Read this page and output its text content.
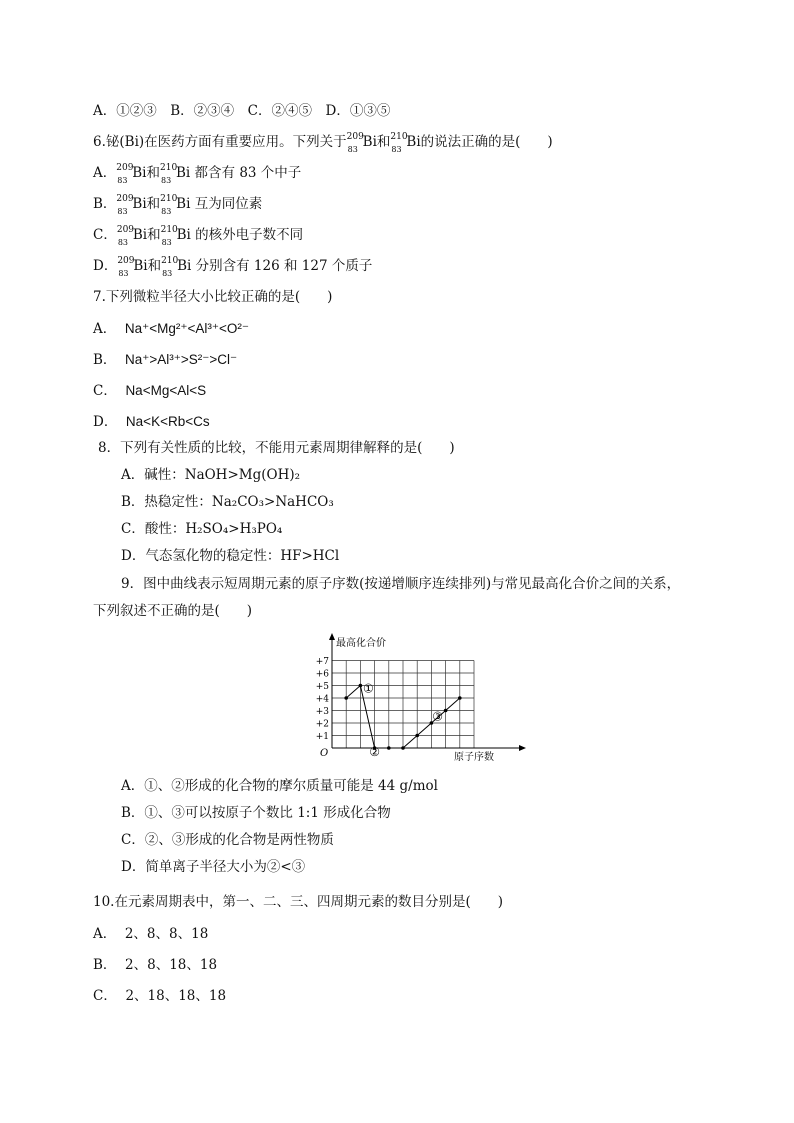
A．①②③　B．②③④　C．②④⑤　D．①③⑤
6.铋(Bi)在医药方面有重要应用。下列关于 209
83 Bi和 210
83 Bi的说法正确的是(　　)
A． 209
83 Bi和 210
83 Bi 都含有 83 个中子
B． 209
83 Bi和 210
83 Bi 互为同位素
C． 209
83 Bi和 210
83 Bi 的核外电子数不同
D． 209
83 Bi和 210
83 Bi 分别含有 126 和 127 个质子
7.下列微粒半径大小比较正确的是(　　)
A． Na⁺<Mg²⁺<Al³⁺<O²⁻
B． Na⁺>Al³⁺>S²⁻>Cl⁻
C． Na<Mg<Al<S
D． Na<K<Rb<Cs
8．下列有关性质的比较，不能用元素周期律解释的是(　　)
A．碱性：NaOH>Mg(OH)₂
B．热稳定性：Na₂CO₃>NaHCO₃
C．酸性：H₂SO₄>H₃PO₄
D．气态氢化物的稳定性：HF>HCl
9．图中曲线表示短周期元素的原子序数(按递增顺序连续排列)与常见最高化合价之间的关系，
下列叙述不正确的是(　　)
+7
+6
+5
+4
+3
+2
+1
①
②
③
最高化合价
原子序数
O
A．①、②形成的化合物的摩尔质量可能是 44 g/mol
B．①、③可以按原子个数比 1:1 形成化合物
C．②、③形成的化合物是两性物质
D．简单离子半径大小为②<③
10.在元素周期表中，第一、二、三、四周期元素的数目分别是(　　)
A． 2、8、8、18
B． 2、8、18、18
C． 2、18、18、18
